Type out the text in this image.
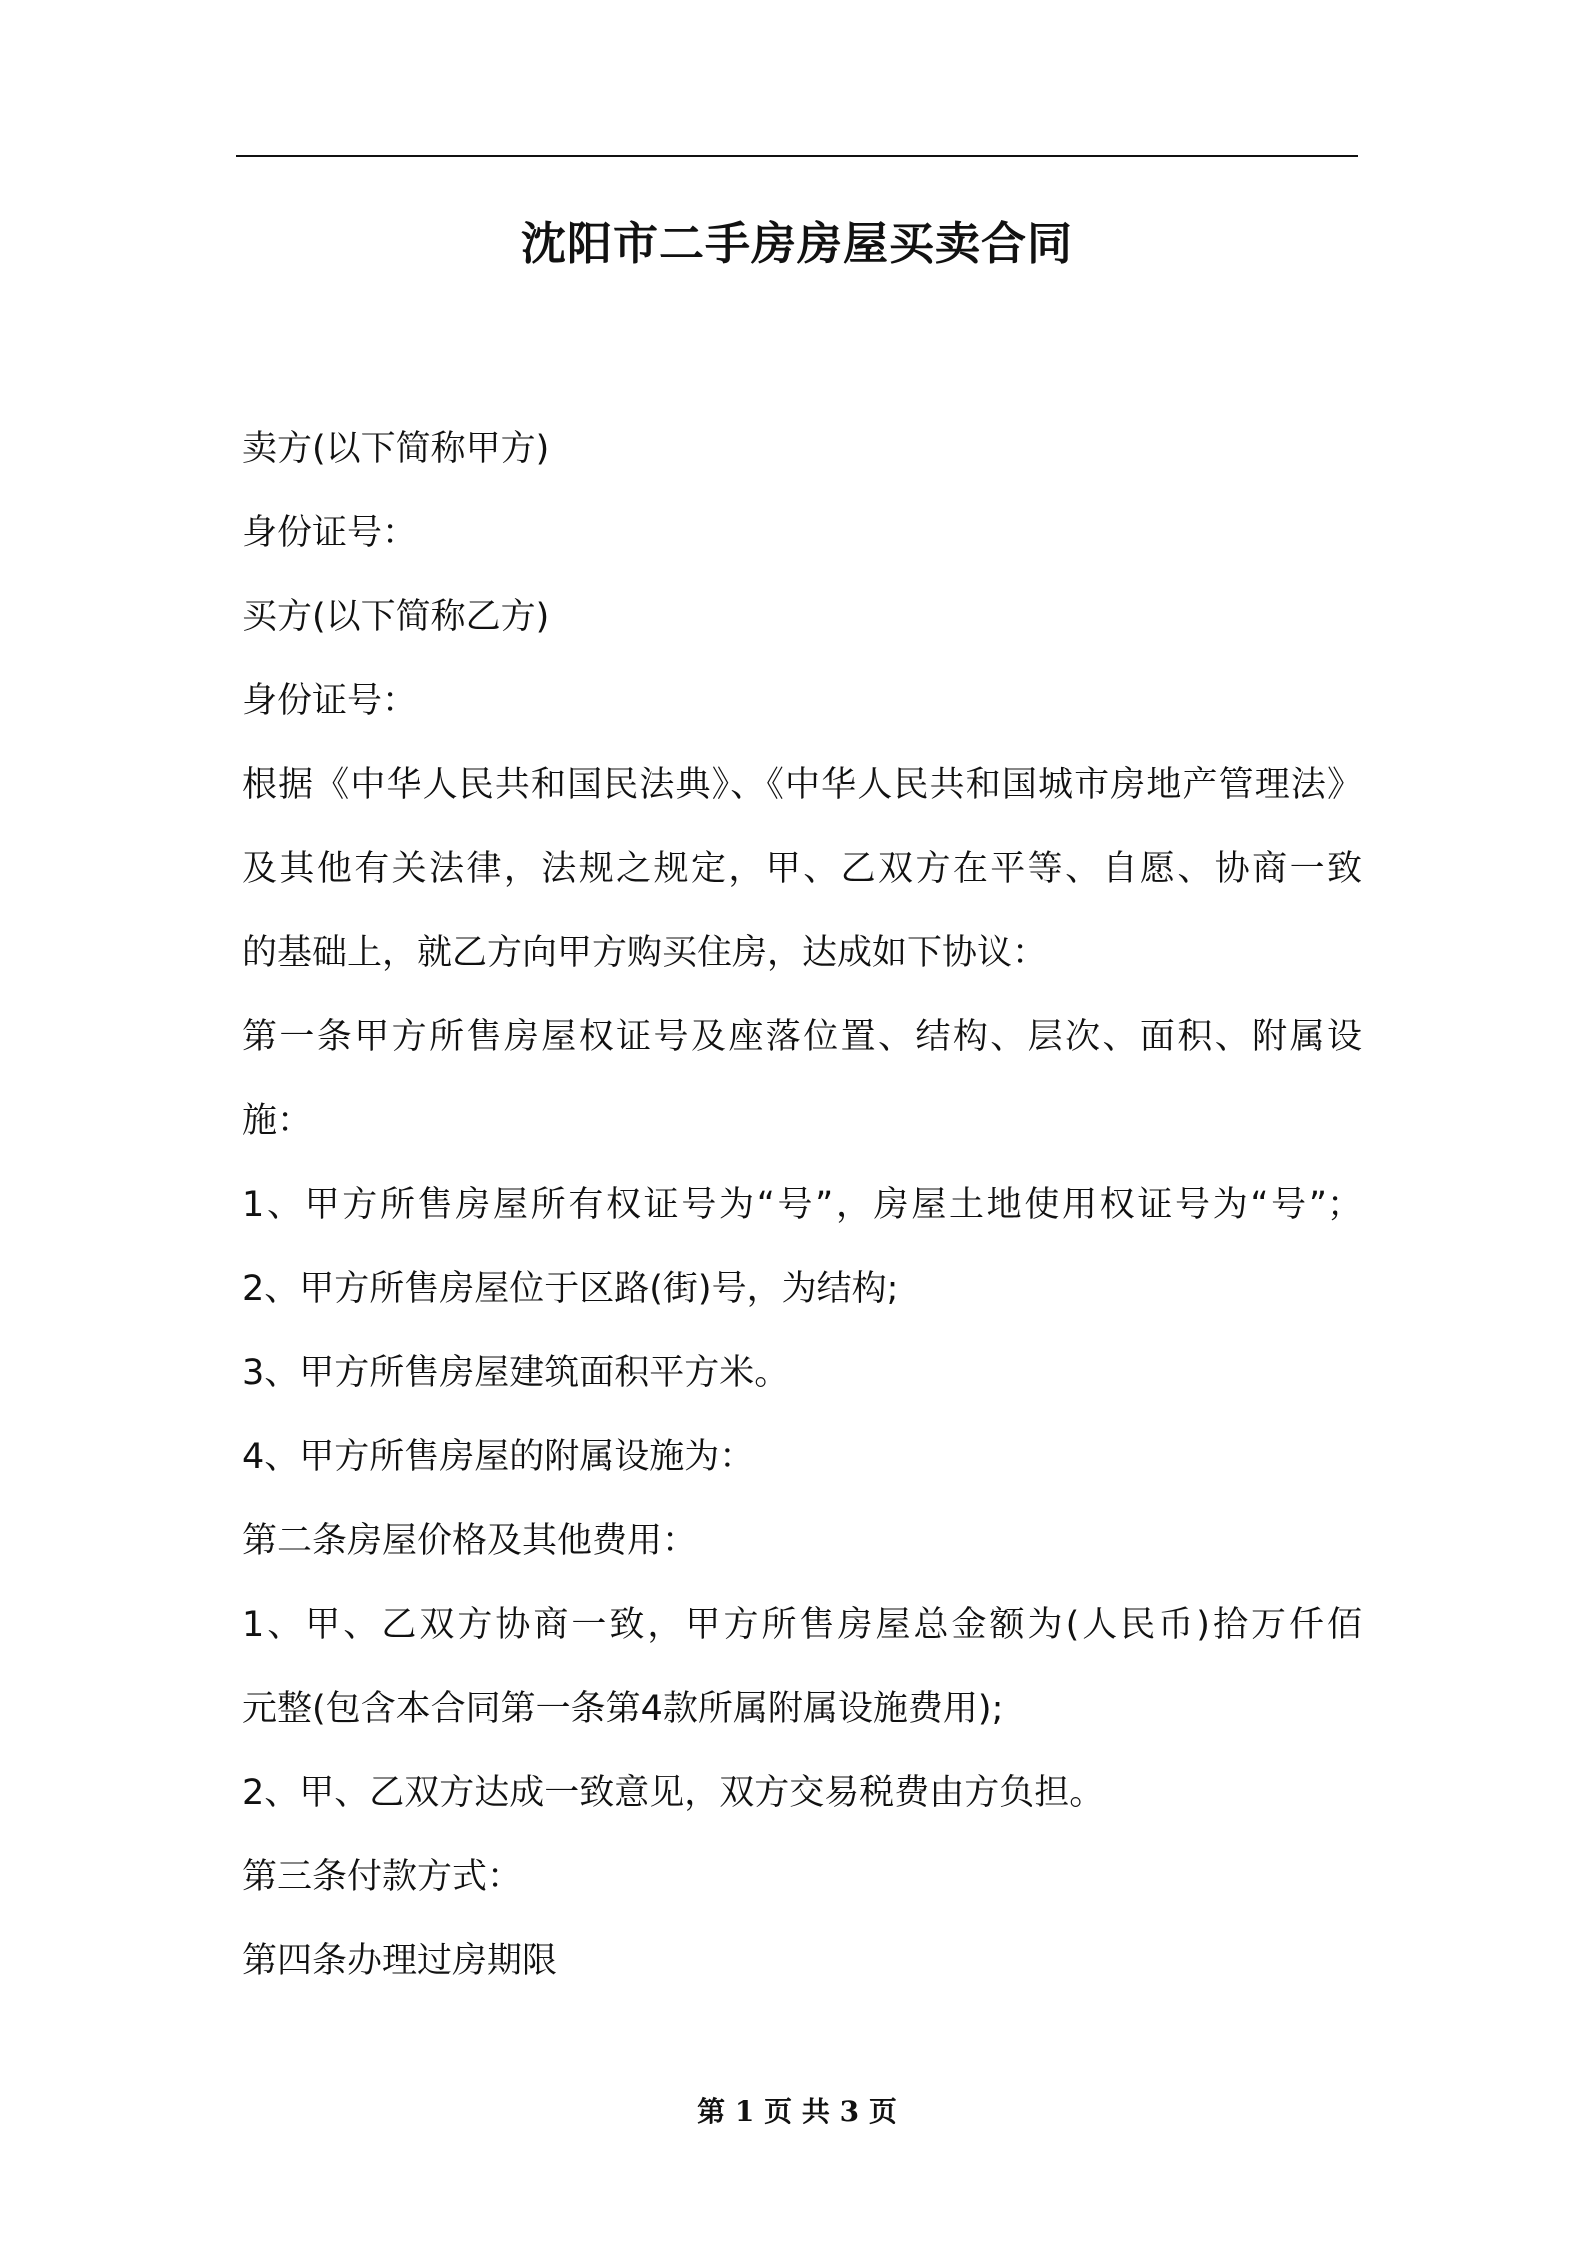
沈阳市二手房房屋买卖合同
卖方(以下简称甲方)
身份证号：
买方(以下简称乙方)
身份证号：
根据《中华人民共和国民法典》、《中华人民共和国城市房地产管理法》
及其他有关法律，法规之规定，甲、乙双方在平等、自愿、协商一致
的基础上，就乙方向甲方购买住房，达成如下协议：
第一条甲方所售房屋权证号及座落位置、结构、层次、面积、附属设
施：
1、甲方所售房屋所有权证号为“号”，房屋土地使用权证号为“号”；
2、甲方所售房屋位于区路(街)号，为结构;
3、甲方所售房屋建筑面积平方米。
4、甲方所售房屋的附属设施为：
第二条房屋价格及其他费用：
1、甲、乙双方协商一致，甲方所售房屋总金额为(人民币)拾万仟佰
元整(包含本合同第一条第4款所属附属设施费用);
2、甲、乙双方达成一致意见，双方交易税费由方负担。
第三条付款方式：
第四条办理过房期限
第 1 页 共 3 页
